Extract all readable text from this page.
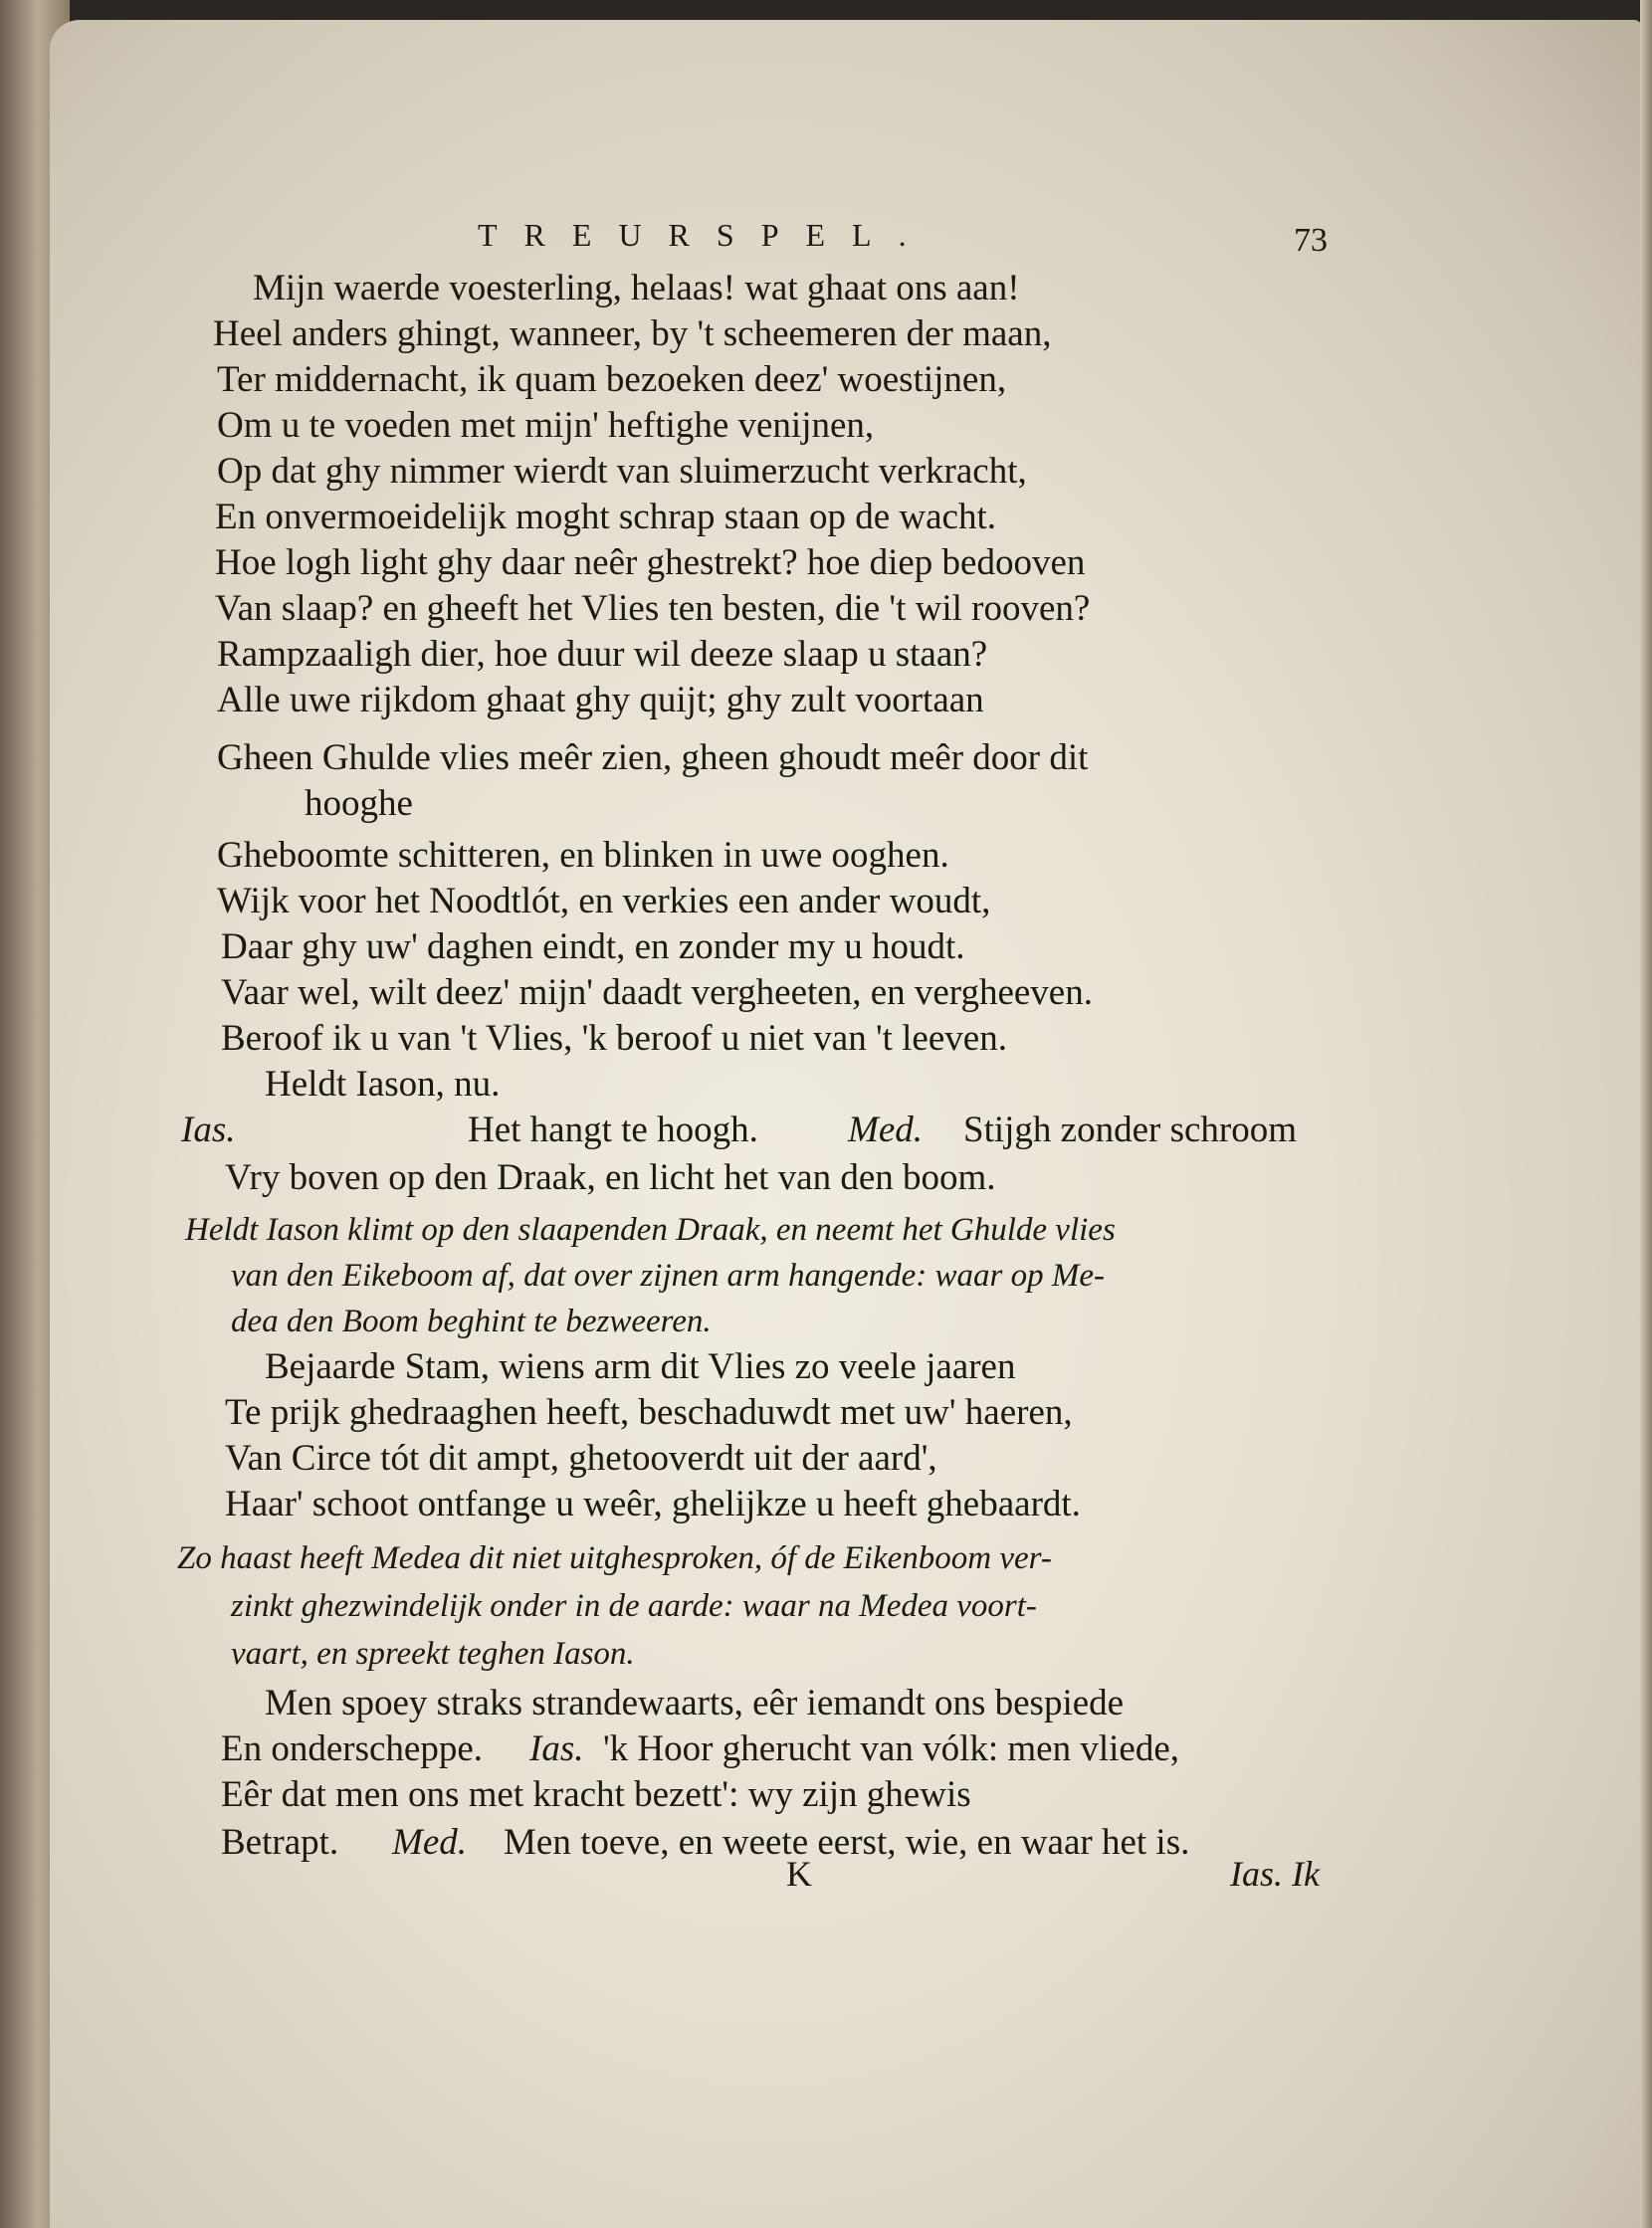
TREURSPEL.	73
Mijn waerde voesterling, helaas! wat ghaat ons aan!
Heel anders ghingt, wanneer, by 't scheemeren der maan,
Ter middernacht, ik quam bezoeken deez' woestijnen,
Om u te voeden met mijn' heftighe venijnen,
Op dat ghy nimmer wierdt van sluimerzucht verkracht,
En onvermoeidelijk moght schrap staan op de wacht.
Hoe logh light ghy daar neêr ghestrekt? hoe diep bedooven
Van slaap? en gheeft het Vlies ten besten, die 't wil rooven?
Rampzaaligh dier, hoe duur wil deeze slaap u staan?
Alle uwe rijkdom ghaat ghy quijt; ghy zult voortaan
Gheen Ghulde vlies meêr zien, gheen ghoudt meêr door dit
hooghe
Gheboomte schitteren, en blinken in uwe ooghen.
Wijk voor het Noodtlót, en verkies een ander woudt,
Daar ghy uw' daghen eindt, en zonder my u houdt.
Vaar wel, wilt deez' mijn' daadt vergheeten, en vergheeven.
Beroof ik u van 't Vlies, 'k beroof u niet van 't leeven.
Heldt Iason, nu.
Ias.	Het hangt te hoogh. Med. Stijgh zonder schroom
Vry boven op den Draak, en licht het van den boom.
Heldt Iason klimt op den slaapenden Draak, en neemt het Ghulde vlies
van den Eikeboom af, dat over zijnen arm hangende: waar op Me-
dea den Boom beghint te bezweeren.
Bejaarde Stam, wiens arm dit Vlies zo veele jaaren
Te prijk ghedraaghen heeft, beschaduwdt met uw' haeren,
Van Circe tót dit ampt, ghetooverdt uit der aard',
Haar' schoot ontfange u weêr, ghelijkze u heeft ghebaardt.
Zo haast heeft Medea dit niet uitghesproken, óf de Eikenboom ver-
zinkt ghezwindelijk onder in de aarde: waar na Medea voort-
vaart, en spreekt teghen Iason.
Men spoey straks strandewaarts, eêr iemandt ons bespiede
En onderscheppe. Ias. 'k Hoor gherucht van vólk: men vliede,
Eêr dat men ons met kracht bezett': wy zijn ghewis
Betrapt. Med. Men toeve, en weete eerst, wie, en waar het is.
K	Ias. Ik
